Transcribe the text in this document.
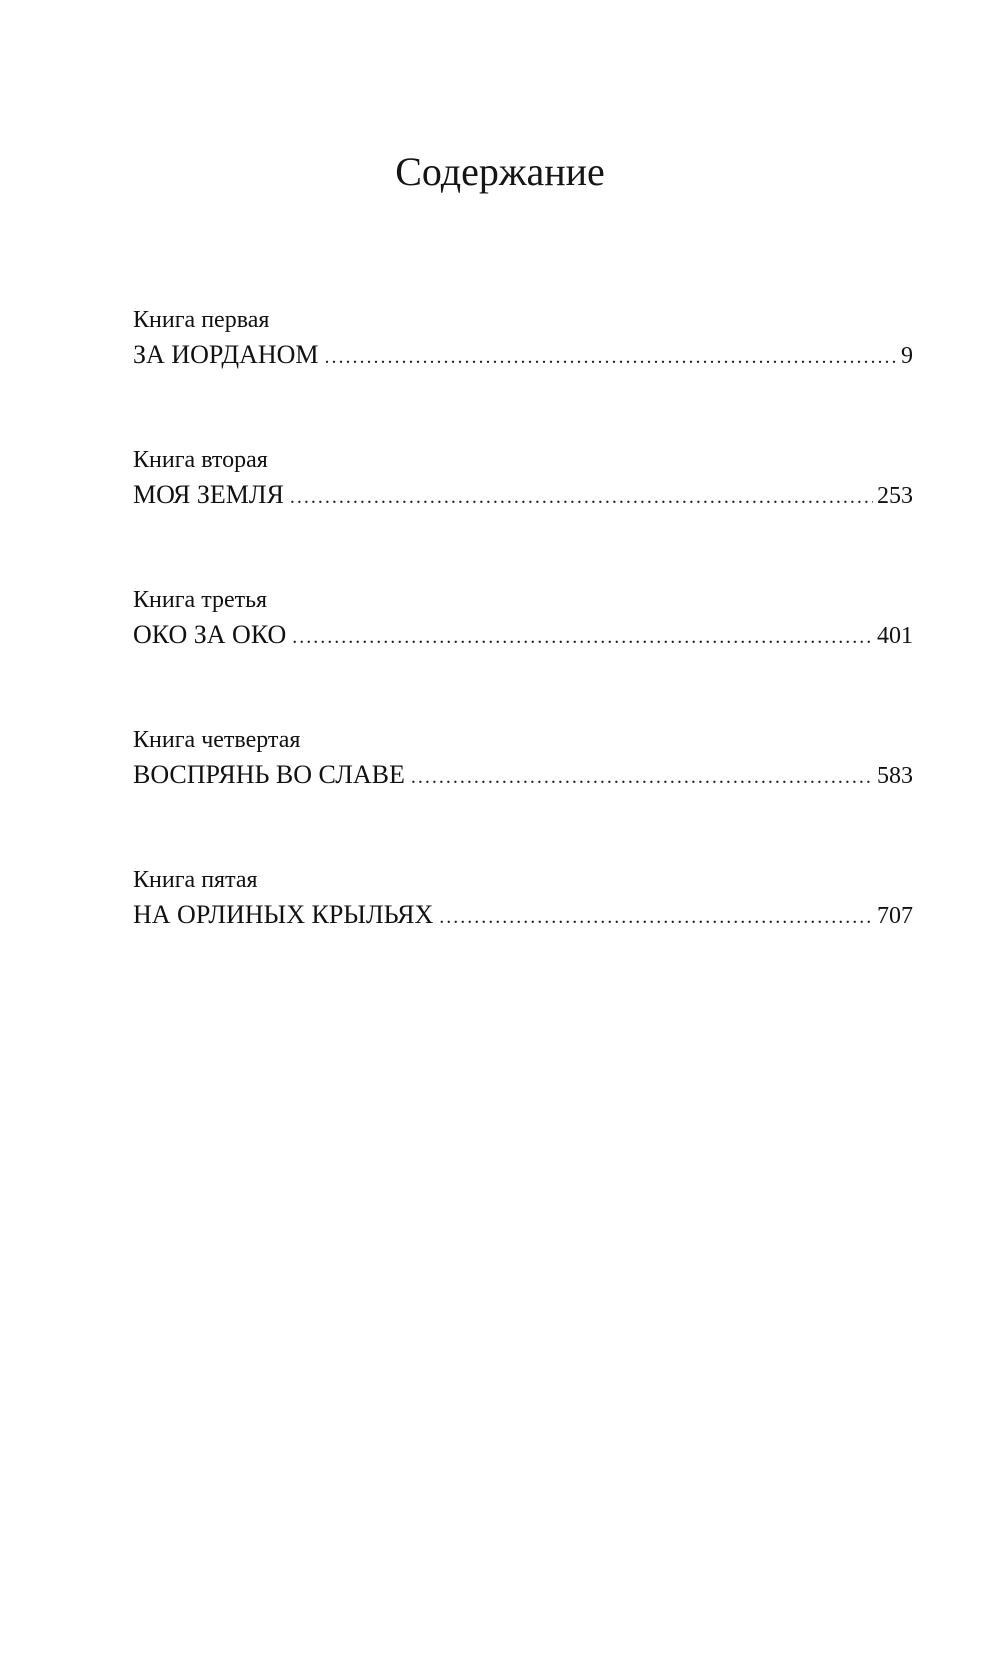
Содержание
Книга первая
ЗА ИОРДАНОМ .....	9
Книга вторая
МОЯ ЗЕМЛЯ .....	253
Книга третья
ОКО ЗА ОКО .....	401
Книга четвертая
ВОСПРЯНЬ ВО СЛАВЕ .....	583
Книга пятая
НА ОРЛИНЫХ КРЫЛЬЯХ .....	707
